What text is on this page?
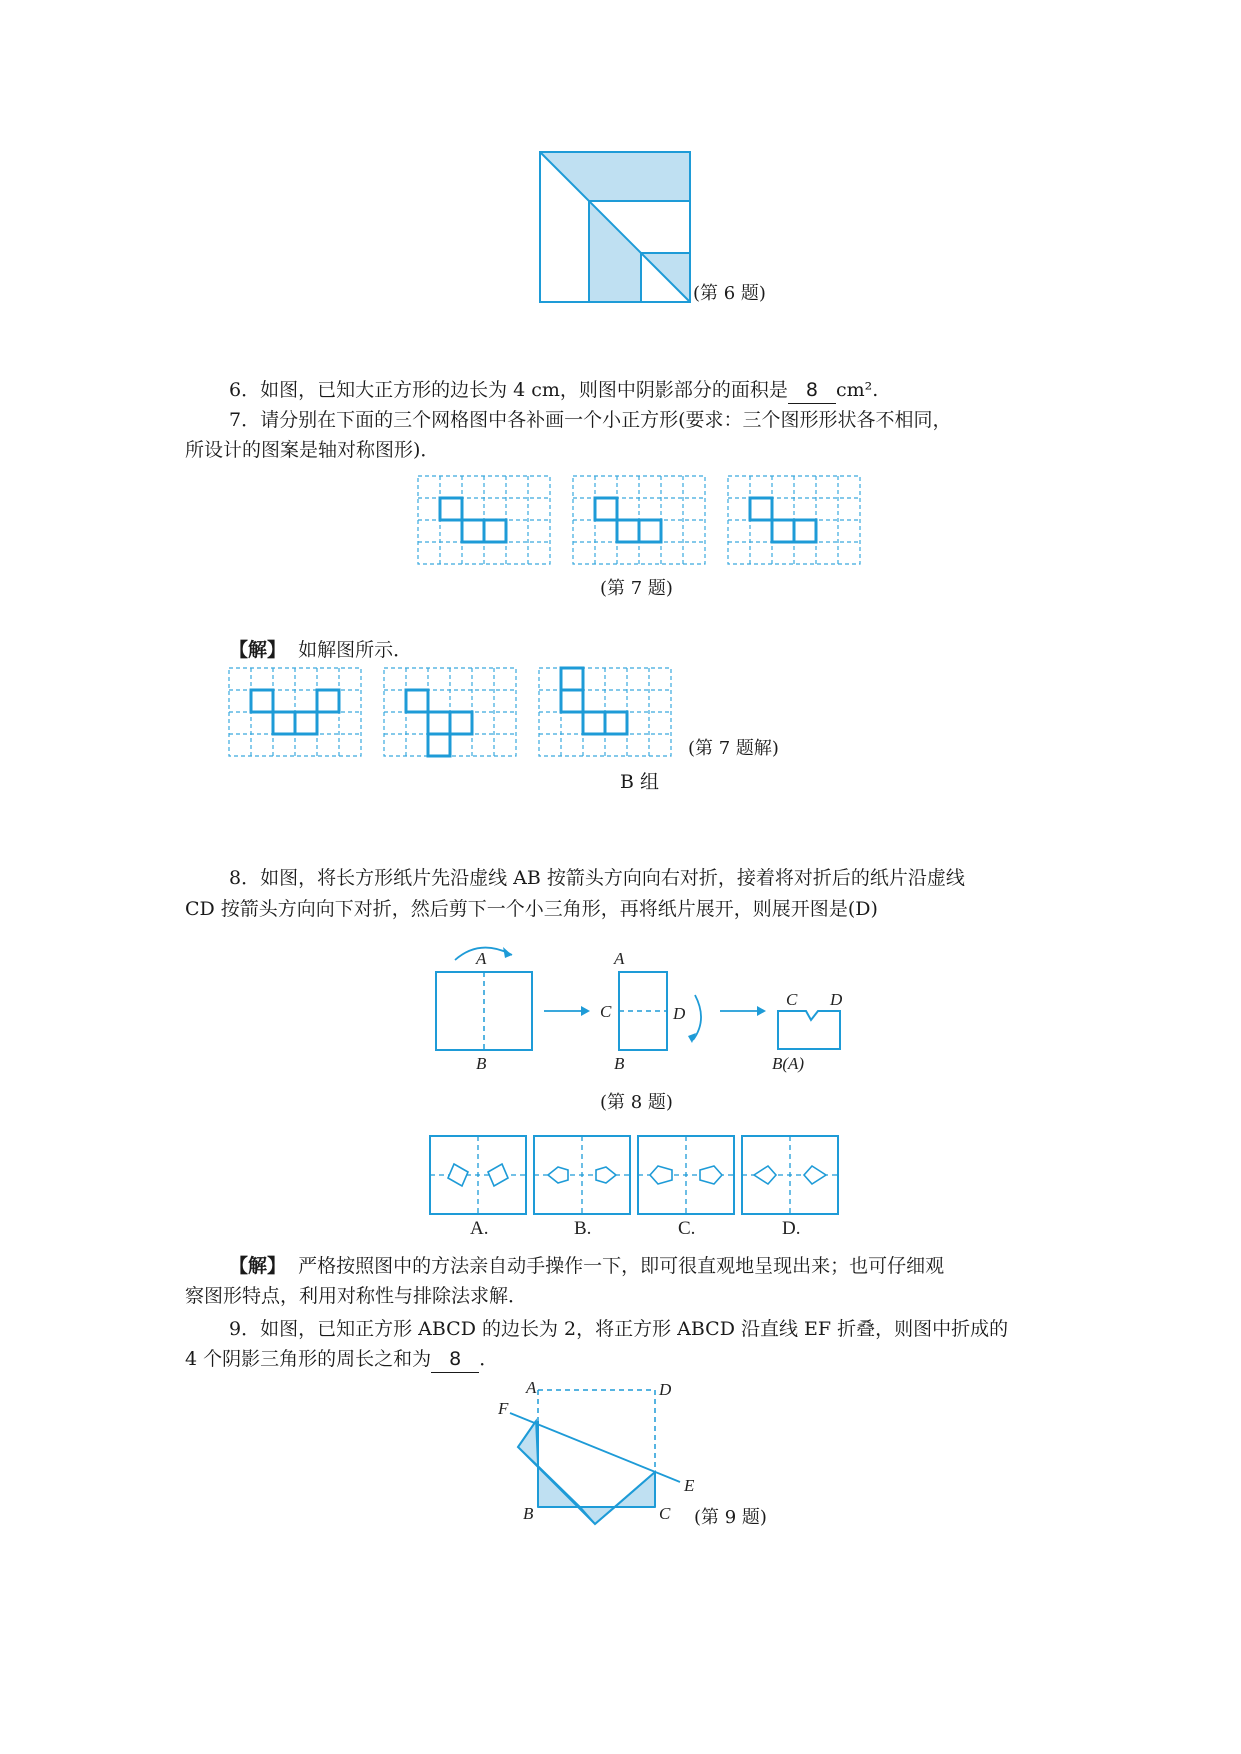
(第 6 题)
6．如图，已知大正方形的边长为 4 cm，则图中阴影部分的面积是 8 cm².
7．请分别在下面的三个网格图中各补画一个小正方形(要求：三个图形形状各不相同，
所设计的图案是轴对称图形)．
(第 7 题)
【解】 如解图所示．
(第 7 题解)
B 组
8．如图，将长方形纸片先沿虚线 AB 按箭头方向向右对折，接着将对折后的纸片沿虚线
CD 按箭头方向向下对折，然后剪下一个小三角形，再将纸片展开，则展开图是(D)
A
B
A
C	D
B
C D
B(A)
(第 8 题)
A.	B.	C.	D.
【解】 严格按照图中的方法亲自动手操作一下，即可很直观地呈现出来；也可仔细观
察图形特点，利用对称性与排除法求解．
9．如图，已知正方形 ABCD 的边长为 2，将正方形 ABCD 沿直线 EF 折叠，则图中折成的
4 个阴影三角形的周长之和为 8 ．
A	D
F
E
B	C (第 9 题)
